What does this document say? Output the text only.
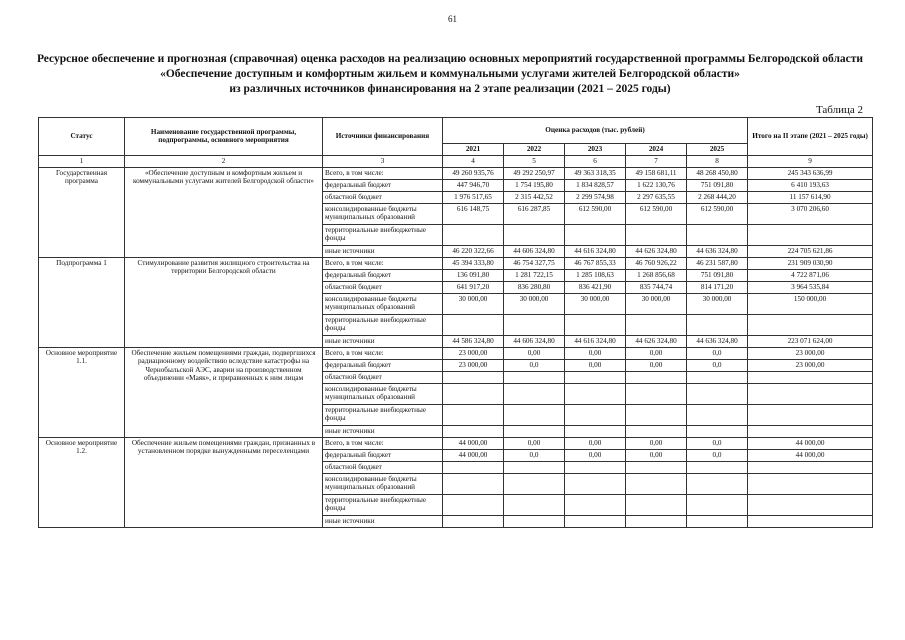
61
Ресурсное обеспечение и прогнозная (справочная) оценка расходов на реализацию основных мероприятий государственной программы Белгородской области
«Обеспечение доступным и комфортным жильем и коммунальными услугами жителей Белгородской области»
из различных источников финансирования на 2 этапе реализации (2021 – 2025 годы)
Таблица 2
Статус	Наименование государственной программы, подпрограммы, основного мероприятия	Источники финансирования	Оценка расходов (тыс. рублей)					Итого на II этапе (2021 – 2025 годы)
			2021	2022	2023	2024	2025	
1	2	3	4	5	6	7	8	9
Государственная программа	«Обеспечение доступным и комфортным жильем и коммунальными услугами жителей Белгородской области»	Всего, в том числе:	49 260 935,76	49 292 250,97	49 363 318,35	49 158 681,11	48 268 450,80	245 343 636,99
		федеральный бюджет	447 946,70	1 754 195,80	1 834 828,57	1 622 130,76	751 091,80	6 410 193,63
		областной бюджет	1 976 517,65	2 315 442,52	2 299 574,98	2 297 635,55	2 268 444,20	11 157 614,90
		консолидированные бюджеты муниципальных образований	616 148,75	616 287,85	612 590,00	612 590,00	612 590,00	3 070 206,60
		территориальные внебюджетные фонды						
		иные источники	46 220 322,66	44 606 324,80	44 616 324,80	44 626 324,80	44 636 324,80	224 705 621,86
Подпрограмма 1	Стимулирование развития жилищного строительства на территории Белгородской области	Всего, в том числе:	45 394 333,80	46 754 327,75	46 767 855,33	46 760 926,22	46 231 587,80	231 909 030,90
		федеральный бюджет	136 091,80	1 281 722,15	1 285 108,63	1 268 856,68	751 091,80	4 722 871,06
		областной бюджет	641 917,20	836 280,80	836 421,90	835 744,74	814 171,20	3 964 535,84
		консолидированные бюджеты муниципальных образований	30 000,00	30 000,00	30 000,00	30 000,00	30 000,00	150 000,00
		территориальные внебюджетные фонды						
		иные источники	44 586 324,80	44 606 324,80	44 616 324,80	44 626 324,80	44 636 324,80	223 071 624,00
Основное мероприятие 1.1.	Обеспечение жильем помещениями граждан, подвергшихся радиационному воздействию вследствие катастрофы на Чернобыльской АЭС, аварии на производственном объединении «Маяк», и приравненных к ним лицам	Всего, в том числе:	23 000,00	0,00	0,00	0,00	0,0	23 000,00
		федеральный бюджет	23 000,00	0,0	0,00	0,00	0,0	23 000,00
		областной бюджет						
		консолидированные бюджеты муниципальных образований						
		территориальные внебюджетные фонды						
		иные источники						
Основное мероприятие 1.2.	Обеспечение жильем помещениями граждан, признанных в установленном порядке вынужденными переселенцами	Всего, в том числе:	44 000,00	0,00	0,00	0,00	0,0	44 000,00
		федеральный бюджет	44 000,00	0,0	0,00	0,00	0,0	44 000,00
		областной бюджет						
		консолидированные бюджеты муниципальных образований						
		территориальные внебюджетные фонды						
		иные источники						
